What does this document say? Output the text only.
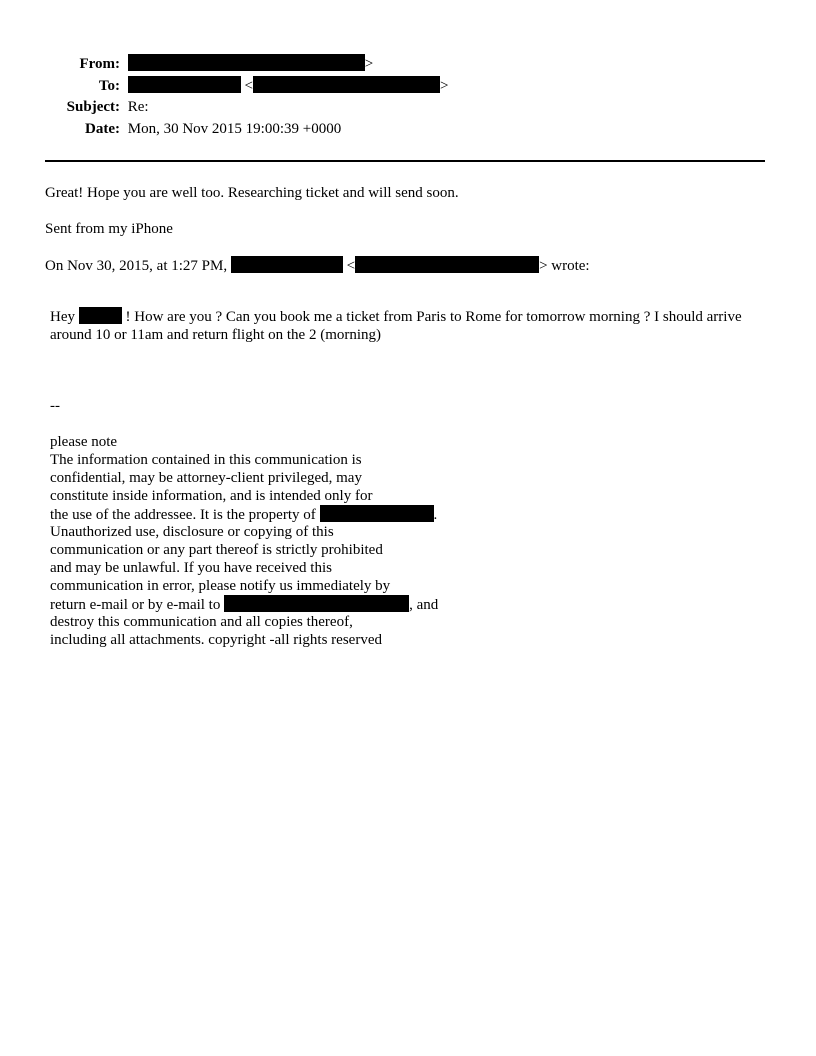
From:	>
To:	<	>
Subject: Re:
Date: Mon, 30 Nov 2015 19:00:39 +0000
Great! Hope you are well too. Researching ticket and will send soon.
Sent from my iPhone
On Nov 30, 2015, at 1:27 PM,	<	> wrote:
Hey	! How are you ? Can you book me a ticket from Paris to Rome for tomorrow morning ? I should arrive around 10 or 11am and return flight on the 2 (morning)
--
please note
The information contained in this communication is
confidential, may be attorney-client privileged, may
constitute inside information, and is intended only for
the use of the addressee. It is the property of	.
Unauthorized use, disclosure or copying of this
communication or any part thereof is strictly prohibited
and may be unlawful. If you have received this
communication in error, please notify us immediately by
return e-mail or by e-mail to	, and
destroy this communication and all copies thereof,
including all attachments. copyright -all rights reserved
